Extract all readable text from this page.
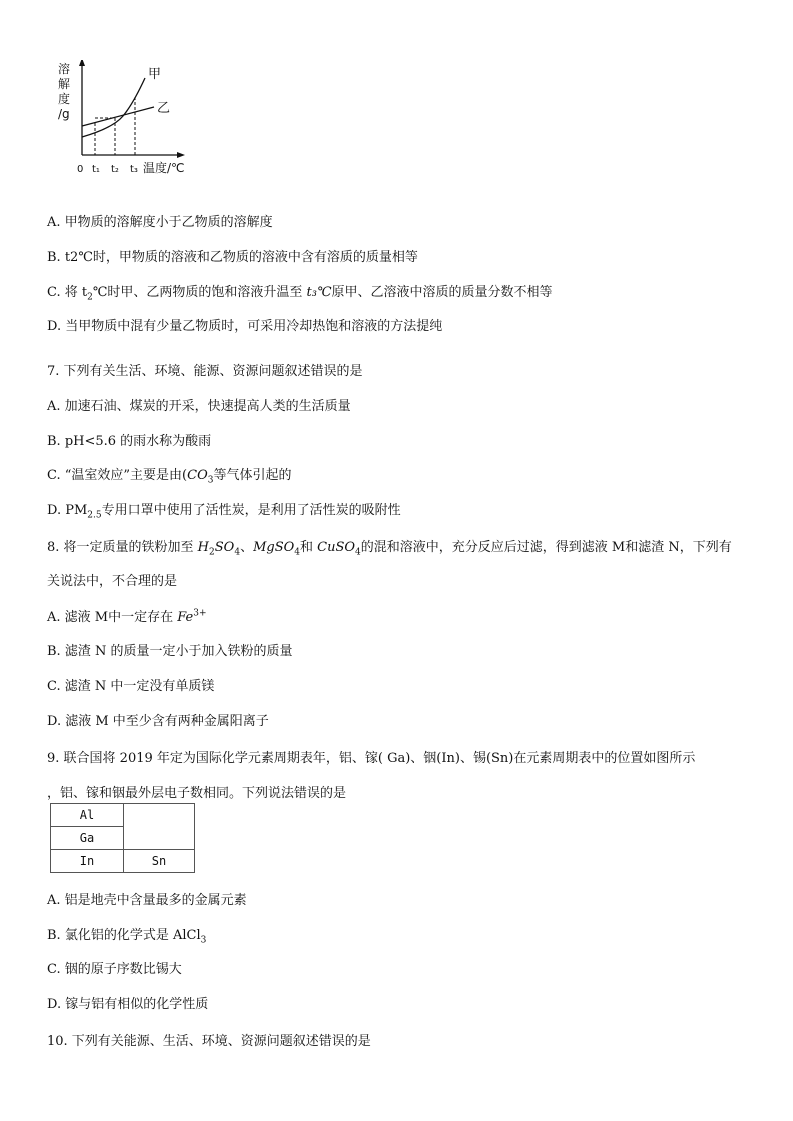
溶
解
度
/g
甲
乙
0 t₁ t₂ t₃ 温度/℃
A. 甲物质的溶解度小于乙物质的溶解度
B. t2℃时，甲物质的溶液和乙物质的溶液中含有溶质的质量相等
C. 将 $t_2℃$时甲、乙两物质的饱和溶液升温至 t₃℃原甲、乙溶液中溶质的质量分数不相等
D. 当甲物质中混有少量乙物质时，可采用冷却热饱和溶液的方法提纯
7. 下列有关生活、环境、能源、资源问题叙述错误的是
A. 加速石油、煤炭的开采，快速提高人类的生活质量
B. pH<5.6 的雨水称为酸雨
C. “温室效应”主要是由($CO_3$等气体引起的
D. $PM_{2.5}$专用口罩中使用了活性炭，是利用了活性炭的吸附性
8. 将一定质量的铁粉加至 $H_2SO_4$、MgSO$_4$和 CuSO$_4$的混和溶液中，充分反应后过滤，得到滤液 M和滤渣 N，下列有
关说法中，不合理的是
A. 滤液 M中一定存在 $Fe^{3+}$
B. 滤渣 N 的质量一定小于加入铁粉的质量
C. 滤渣 N 中一定没有单质镁
D. 滤液 M 中至少含有两种金属阳离子
9. 联合国将 2019 年定为国际化学元素周期表年，铝、镓( Ga)、铟(In)、锡(Sn)在元素周期表中的位置如图所示
，铝、镓和铟最外层电子数相同。下列说法错误的是
Al	
Ga	
In	Sn
A. 铝是地壳中含量最多的金属元素
B. 氯化铝的化学式是 AlCl$_3$
C. 铟的原子序数比锡大
D. 镓与铝有相似的化学性质
10. 下列有关能源、生活、环境、资源问题叙述错误的是
